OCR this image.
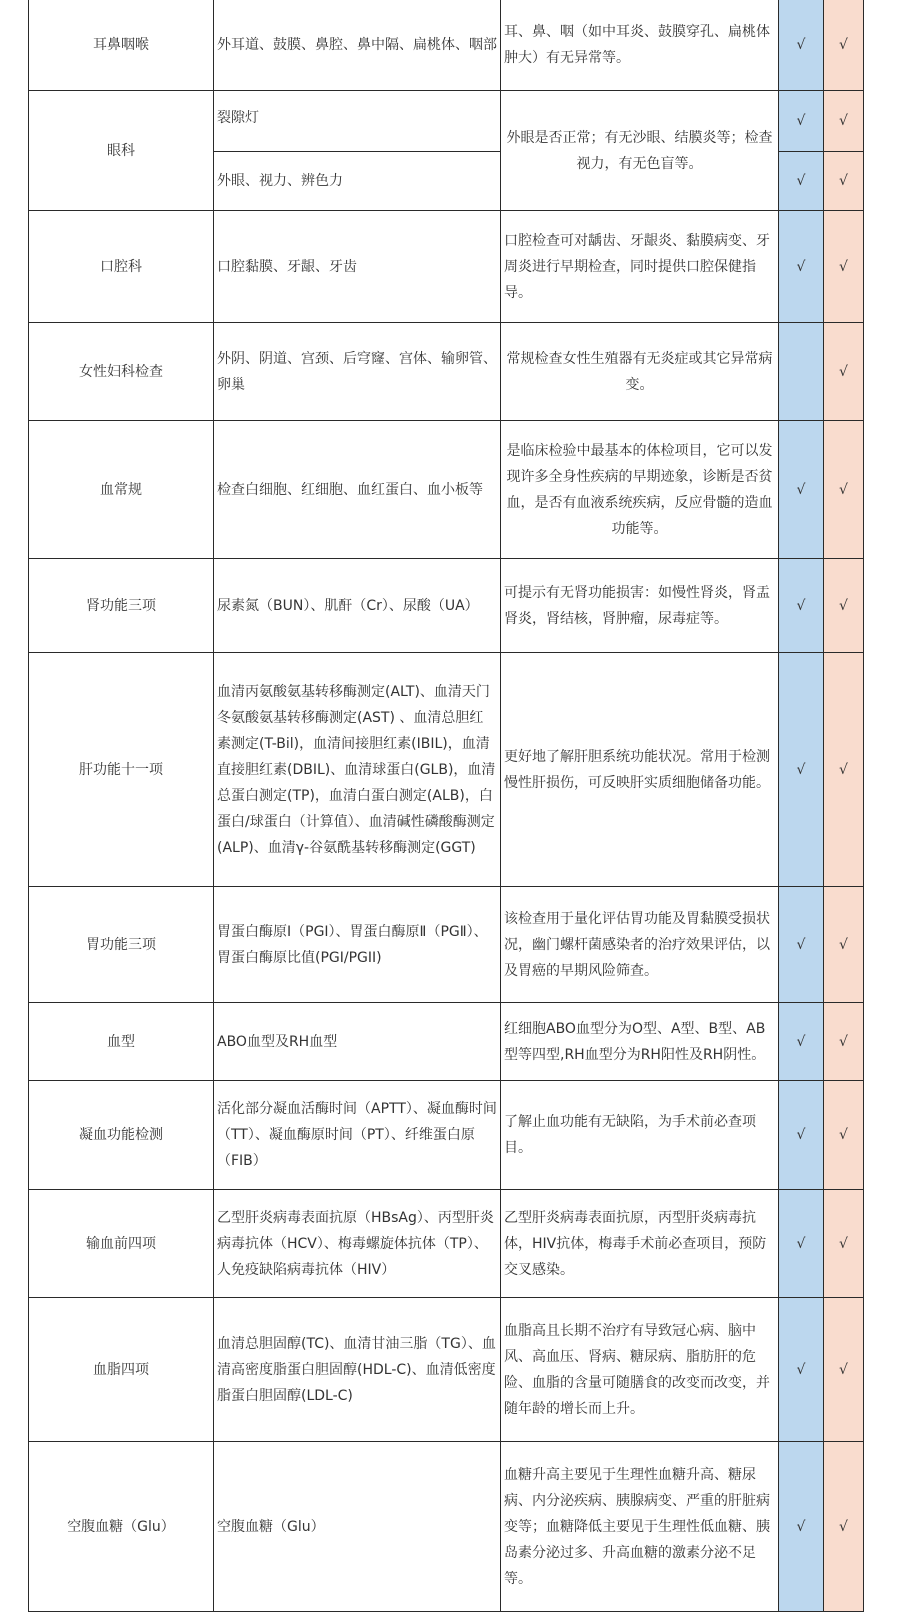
耳鼻咽喉	外耳道、鼓膜、鼻腔、鼻中隔、扁桃体、咽部	耳、鼻、咽（如中耳炎、鼓膜穿孔、扁桃体肿大）有无异常等。	√	√
眼科	裂隙灯	外眼是否正常；有无沙眼、结膜炎等；检查视力，有无色盲等。	√	√
	外眼、视力、辨色力		√	√
口腔科	口腔黏膜、牙龈、牙齿	口腔检查可对龋齿、牙龈炎、黏膜病变、牙周炎进行早期检查，同时提供口腔保健指导。	√	√
女性妇科检查	外阴、阴道、宫颈、后穹窿、宫体、输卵管、卵巢	常规检查女性生殖器有无炎症或其它异常病变。		√
血常规	检查白细胞、红细胞、血红蛋白、血小板等	是临床检验中最基本的体检项目，它可以发现许多全身性疾病的早期迹象，诊断是否贫血，是否有血液系统疾病，反应骨髓的造血功能等。	√	√
肾功能三项	尿素氮（BUN）、肌酐（Cr）、尿酸（UA）	可提示有无肾功能损害：如慢性肾炎，肾盂肾炎，肾结核，肾肿瘤，尿毒症等。	√	√
肝功能十一项	血清丙氨酸氨基转移酶测定(ALT)、血清天门冬氨酸氨基转移酶测定(AST) 、血清总胆红素测定(T-Bil)，血清间接胆红素(IBIL)，血清直接胆红素(DBIL)、血清球蛋白(GLB)，血清总蛋白测定(TP)，血清白蛋白测定(ALB)，白蛋白/球蛋白（计算值）、血清碱性磷酸酶测定(ALP)、血清γ-谷氨酰基转移酶测定(GGT)	更好地了解肝胆系统功能状况。常用于检测慢性肝损伤，可反映肝实质细胞储备功能。	√	√
胃功能三项	胃蛋白酶原Ⅰ（PGⅠ）、胃蛋白酶原Ⅱ（PGⅡ）、胃蛋白酶原比值(PGI/PGII)	该检查用于量化评估胃功能及胃黏膜受损状况，幽门螺杆菌感染者的治疗效果评估，以及胃癌的早期风险筛查。	√	√
血型	ABO血型及RH血型	红细胞ABO血型分为O型、A型、B型、AB型等四型,RH血型分为RH阳性及RH阴性。	√	√
凝血功能检测	活化部分凝血活酶时间（APTT）、凝血酶时间（TT）、凝血酶原时间（PT）、纤维蛋白原（FIB）	了解止血功能有无缺陷，为手术前必查项目。	√	√
输血前四项	乙型肝炎病毒表面抗原（HBsAg）、丙型肝炎病毒抗体（HCV）、梅毒螺旋体抗体（TP）、人免疫缺陷病毒抗体（HIV）	乙型肝炎病毒表面抗原，丙型肝炎病毒抗体，HIV抗体，梅毒手术前必查项目，预防交叉感染。	√	√
血脂四项	血清总胆固醇(TC)、血清甘油三脂（TG）、血清高密度脂蛋白胆固醇(HDL-C)、血清低密度脂蛋白胆固醇(LDL-C)	血脂高且长期不治疗有导致冠心病、脑中风、高血压、肾病、糖尿病、脂肪肝的危险、血脂的含量可随膳食的改变而改变，并随年龄的增长而上升。	√	√
空腹血糖（Glu）	空腹血糖（Glu）	血糖升高主要见于生理性血糖升高、糖尿病、内分泌疾病、胰腺病变、严重的肝脏病变等；血糖降低主要见于生理性低血糖、胰岛素分泌过多、升高血糖的激素分泌不足等。	√	√
